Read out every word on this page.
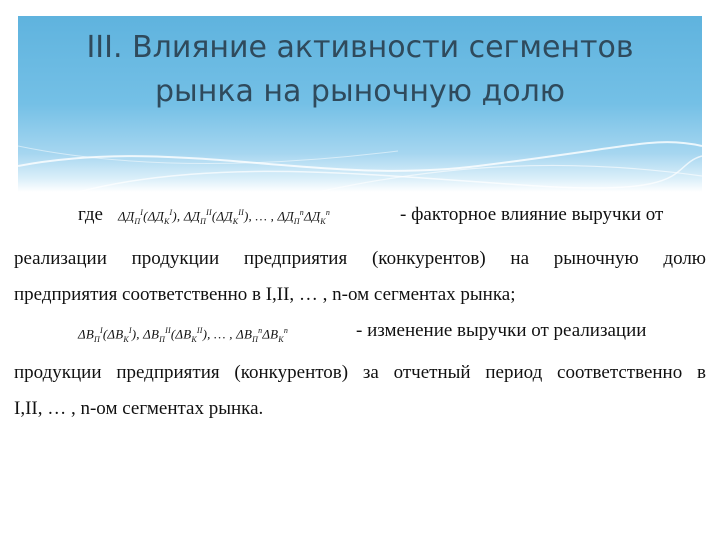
III. Влияние активности сегментов
рынка на рыночную долю
где $\Delta Д_П^I(\Delta Д_К^I)$, $\Delta Д_П^{II}(\Delta Д_К^{II})$, … , $\Delta Д_П^n\Delta Д_К^n$	- факторное влияние выручки от
реализации продукции предприятия (конкурентов) на рыночную долю
предприятия соответственно в I,II, … , n-ом сегментах рынка;
$\Delta В_П^I(\Delta В_К^I)$, $\Delta В_П^{II}(\Delta В_К^{II})$, … , $\Delta В_П^n\Delta В_К^n$	- изменение выручки от реализации
продукции предприятия (конкурентов) за отчетный период соответственно в
I,II, … , n-ом сегментах рынка.
